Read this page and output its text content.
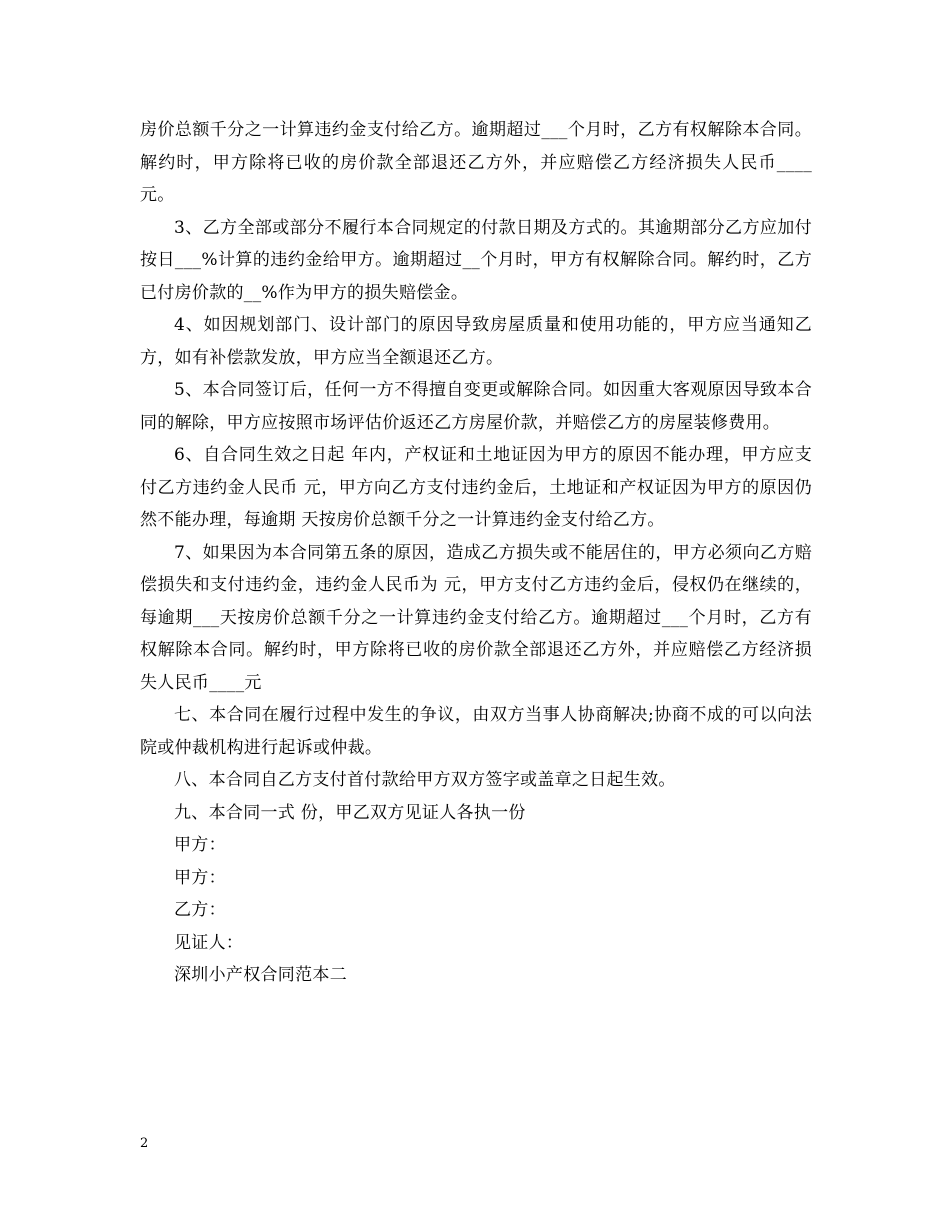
房价总额千分之一计算违约金支付给乙方。逾期超过___个月时，乙方有权解除本合同。解约时，甲方除将已收的房价款全部退还乙方外，并应赔偿乙方经济损失人民币____元。

3、乙方全部或部分不履行本合同规定的付款日期及方式的。其逾期部分乙方应加付按日___%计算的违约金给甲方。逾期超过__个月时，甲方有权解除合同。解约时，乙方已付房价款的__%作为甲方的损失赔偿金。

4、如因规划部门、设计部门的原因导致房屋质量和使用功能的，甲方应当通知乙方，如有补偿款发放，甲方应当全额退还乙方。

5、本合同签订后，任何一方不得擅自变更或解除合同。如因重大客观原因导致本合同的解除，甲方应按照市场评估价返还乙方房屋价款，并赔偿乙方的房屋装修费用。

6、自合同生效之日起 年内，产权证和土地证因为甲方的原因不能办理，甲方应支付乙方违约金人民币 元，甲方向乙方支付违约金后，土地证和产权证因为甲方的原因仍然不能办理，每逾期 天按房价总额千分之一计算违约金支付给乙方。

7、如果因为本合同第五条的原因，造成乙方损失或不能居住的，甲方必须向乙方赔偿损失和支付违约金，违约金人民币为 元，甲方支付乙方违约金后，侵权仍在继续的，每逾期___天按房价总额千分之一计算违约金支付给乙方。逾期超过___个月时，乙方有权解除本合同。解约时，甲方除将已收的房价款全部退还乙方外，并应赔偿乙方经济损失人民币____元

七、本合同在履行过程中发生的争议，由双方当事人协商解决;协商不成的可以向法院或仲裁机构进行起诉或仲裁。

八、本合同自乙方支付首付款给甲方双方签字或盖章之日起生效。

九、本合同一式 份，甲乙双方见证人各执一份

甲方：

甲方：

乙方：

见证人：

深圳小产权合同范本二

2
